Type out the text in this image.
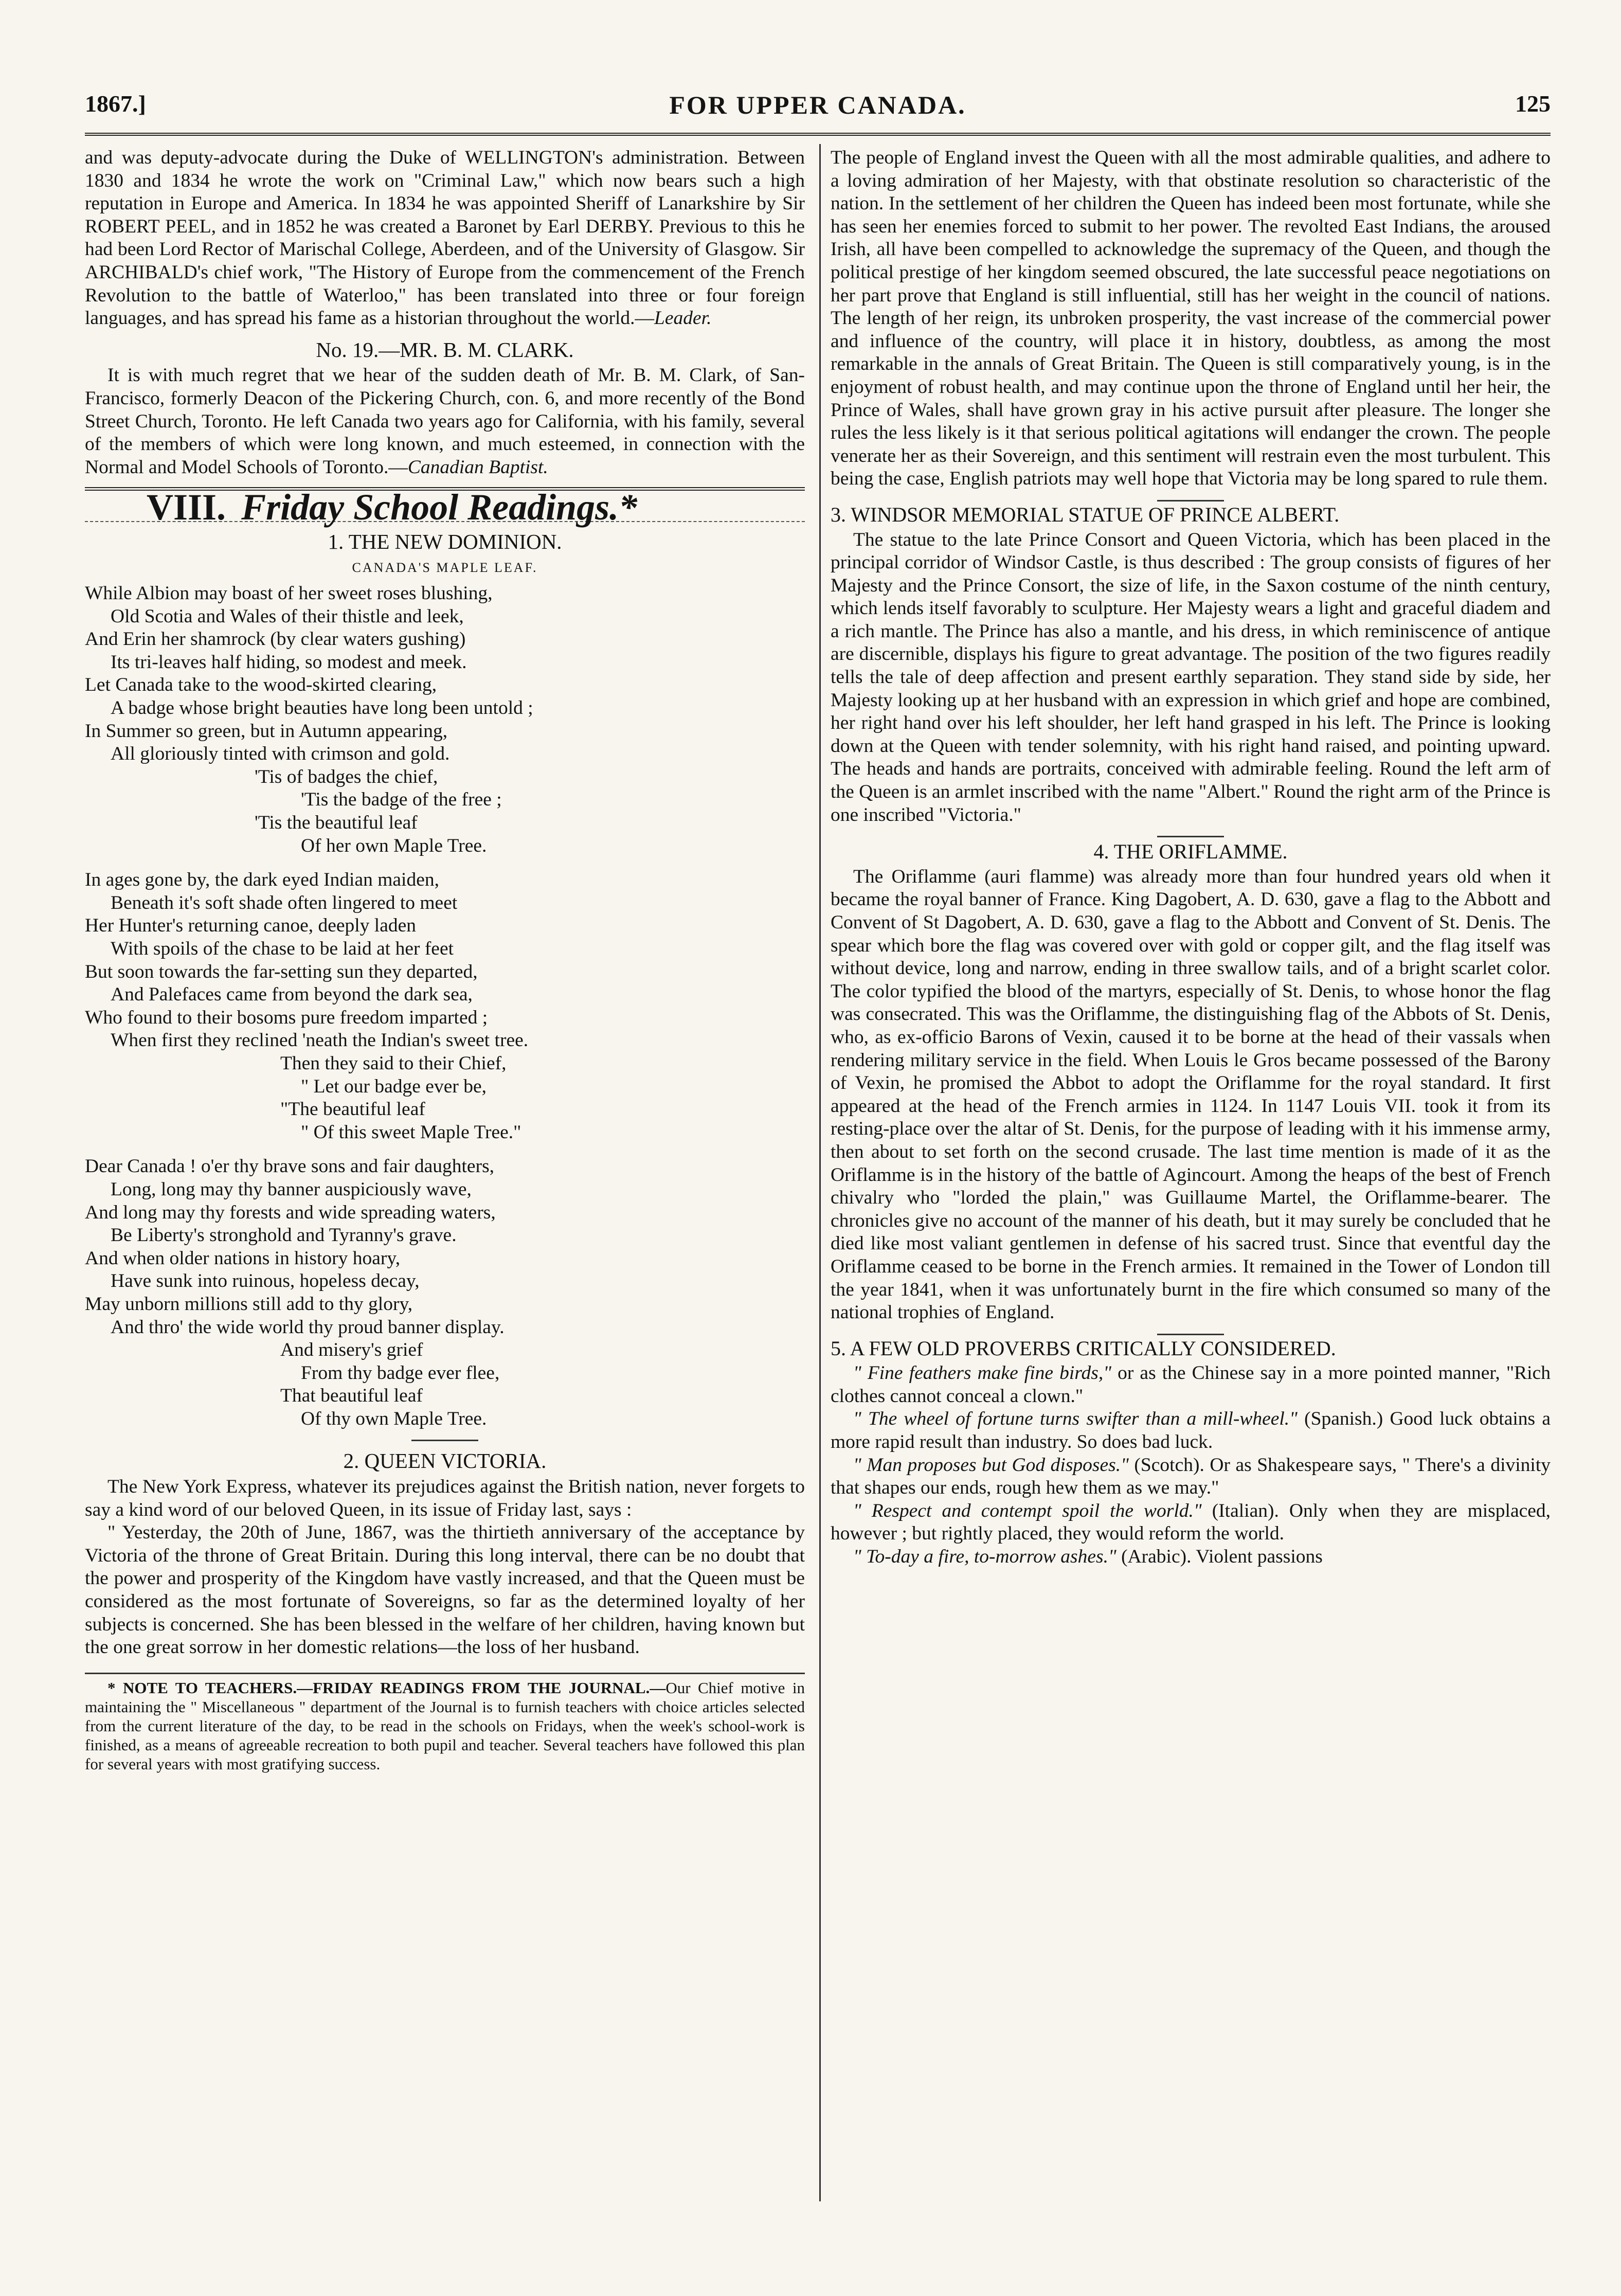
1867.]	FOR UPPER CANADA.	125

and was deputy-advocate during the Duke of WELLINGTON's administration. Between 1830 and 1834 he wrote the work on "Criminal Law," which now bears such a high reputation in Europe and America. In 1834 he was appointed Sheriff of Lanarkshire by Sir ROBERT PEEL, and in 1852 he was created a Baronet by Earl DERBY. Previous to this he had been Lord Rector of Marischal College, Aberdeen, and of the University of Glasgow. Sir ARCHIBALD's chief work, "The History of Europe from the commencement of the French Revolution to the battle of Waterloo," has been translated into three or four foreign languages, and has spread his fame as a historian throughout the world.—Leader.

No. 19.—MR. B. M. CLARK.

It is with much regret that we hear of the sudden death of Mr. B. M. Clark, of San-Francisco, formerly Deacon of the Pickering Church, con. 6, and more recently of the Bond Street Church, Toronto. He left Canada two years ago for California, with his family, several of the members of which were long known, and much esteemed, in connection with the Normal and Model Schools of Toronto.—Canadian Baptist.

VIII. Friday School Readings.*
1. THE NEW DOMINION.
CANADA'S MAPLE LEAF.
While Albion may boast of her sweet roses blushing,
Old Scotia and Wales of their thistle and leek,
And Erin her shamrock (by clear waters gushing)
Its tri-leaves half hiding, so modest and meek.
Let Canada take to the wood-skirted clearing,
A badge whose bright beauties have long been untold ;
In Summer so green, but in Autumn appearing,
All gloriously tinted with crimson and gold.
'Tis of badges the chief,
'Tis the badge of the free ;
'Tis the beautiful leaf
Of her own Maple Tree.
In ages gone by, the dark eyed Indian maiden,
Beneath it's soft shade often lingered to meet
Her Hunter's returning canoe, deeply laden
With spoils of the chase to be laid at her feet
But soon towards the far-setting sun they departed,
And Palefaces came from beyond the dark sea,
Who found to their bosoms pure freedom imparted ;
When first they reclined 'neath the Indian's sweet tree.
Then they said to their Chief,
" Let our badge ever be,
"The beautiful leaf
" Of this sweet Maple Tree."
Dear Canada ! o'er thy brave sons and fair daughters,
Long, long may thy banner auspiciously wave,
And long may thy forests and wide spreading waters,
Be Liberty's stronghold and Tyranny's grave.
And when older nations in history hoary,
Have sunk into ruinous, hopeless decay,
May unborn millions still add to thy glory,
And thro' the wide world thy proud banner display.
And misery's grief
From thy badge ever flee,
That beautiful leaf
Of thy own Maple Tree.
2. QUEEN VICTORIA.

The New York Express, whatever its prejudices against the British nation, never forgets to say a kind word of our beloved Queen, in its issue of Friday last, says :

" Yesterday, the 20th of June, 1867, was the thirtieth anniversary of the acceptance by Victoria of the throne of Great Britain. During this long interval, there can be no doubt that the power and prosperity of the Kingdom have vastly increased, and that the Queen must be considered as the most fortunate of Sovereigns, so far as the determined loyalty of her subjects is concerned. She has been blessed in the welfare of her children, having known but the one great sorrow in her domestic relations—the loss of her husband.

* NOTE TO TEACHERS.—FRIDAY READINGS FROM THE JOURNAL.—Our Chief motive in maintaining the " Miscellaneous " department of the Journal is to furnish teachers with choice articles selected from the current literature of the day, to be read in the schools on Fridays, when the week's school-work is finished, as a means of agreeable recreation to both pupil and teacher. Several teachers have followed this plan for several years with most gratifying success.

The people of England invest the Queen with all the most admirable qualities, and adhere to a loving admiration of her Majesty, with that obstinate resolution so characteristic of the nation. In the settlement of her children the Queen has indeed been most fortunate, while she has seen her enemies forced to submit to her power. The revolted East Indians, the aroused Irish, all have been compelled to acknowledge the supremacy of the Queen, and though the political prestige of her kingdom seemed obscured, the late successful peace negotiations on her part prove that England is still influential, still has her weight in the council of nations. The length of her reign, its unbroken prosperity, the vast increase of the commercial power and influence of the country, will place it in history, doubtless, as among the most remarkable in the annals of Great Britain. The Queen is still comparatively young, is in the enjoyment of robust health, and may continue upon the throne of England until her heir, the Prince of Wales, shall have grown gray in his active pursuit after pleasure. The longer she rules the less likely is it that serious political agitations will endanger the crown. The people venerate her as their Sovereign, and this sentiment will restrain even the most turbulent. This being the case, English patriots may well hope that Victoria may be long spared to rule them.

3. WINDSOR MEMORIAL STATUE OF PRINCE ALBERT.

The statue to the late Prince Consort and Queen Victoria, which has been placed in the principal corridor of Windsor Castle, is thus described : The group consists of figures of her Majesty and the Prince Consort, the size of life, in the Saxon costume of the ninth century, which lends itself favorably to sculpture. Her Majesty wears a light and graceful diadem and a rich mantle. The Prince has also a mantle, and his dress, in which reminiscence of antique are discernible, displays his figure to great advantage. The position of the two figures readily tells the tale of deep affection and present earthly separation. They stand side by side, her Majesty looking up at her husband with an expression in which grief and hope are combined, her right hand over his left shoulder, her left hand grasped in his left. The Prince is looking down at the Queen with tender solemnity, with his right hand raised, and pointing upward. The heads and hands are portraits, conceived with admirable feeling. Round the left arm of the Queen is an armlet inscribed with the name "Albert." Round the right arm of the Prince is one inscribed "Victoria."

4. THE ORIFLAMME.

The Oriflamme (auri flamme) was already more than four hundred years old when it became the royal banner of France. King Dagobert, A. D. 630, gave a flag to the Abbott and Convent of St Dagobert, A. D. 630, gave a flag to the Abbott and Convent of St. Denis. The spear which bore the flag was covered over with gold or copper gilt, and the flag itself was without device, long and narrow, ending in three swallow tails, and of a bright scarlet color. The color typified the blood of the martyrs, especially of St. Denis, to whose honor the flag was consecrated. This was the Oriflamme, the distinguishing flag of the Abbots of St. Denis, who, as ex-officio Barons of Vexin, caused it to be borne at the head of their vassals when rendering military service in the field. When Louis le Gros became possessed of the Barony of Vexin, he promised the Abbot to adopt the Oriflamme for the royal standard. It first appeared at the head of the French armies in 1124. In 1147 Louis VII. took it from its resting-place over the altar of St. Denis, for the purpose of leading with it his immense army, then about to set forth on the second crusade. The last time mention is made of it as the Oriflamme is in the history of the battle of Agincourt. Among the heaps of the best of French chivalry who "lorded the plain," was Guillaume Martel, the Oriflamme-bearer. The chronicles give no account of the manner of his death, but it may surely be concluded that he died like most valiant gentlemen in defense of his sacred trust. Since that eventful day the Oriflamme ceased to be borne in the French armies. It remained in the Tower of London till the year 1841, when it was unfortunately burnt in the fire which consumed so many of the national trophies of England.

5. A FEW OLD PROVERBS CRITICALLY CONSIDERED.

" Fine feathers make fine birds," or as the Chinese say in a more pointed manner, "Rich clothes cannot conceal a clown."

" The wheel of fortune turns swifter than a mill-wheel." (Spanish.) Good luck obtains a more rapid result than industry. So does bad luck.

" Man proposes but God disposes." (Scotch). Or as Shakespeare says, " There's a divinity that shapes our ends, rough hew them as we may."

" Respect and contempt spoil the world." (Italian). Only when they are misplaced, however ; but rightly placed, they would reform the world.

" To-day a fire, to-morrow ashes." (Arabic). Violent passions
